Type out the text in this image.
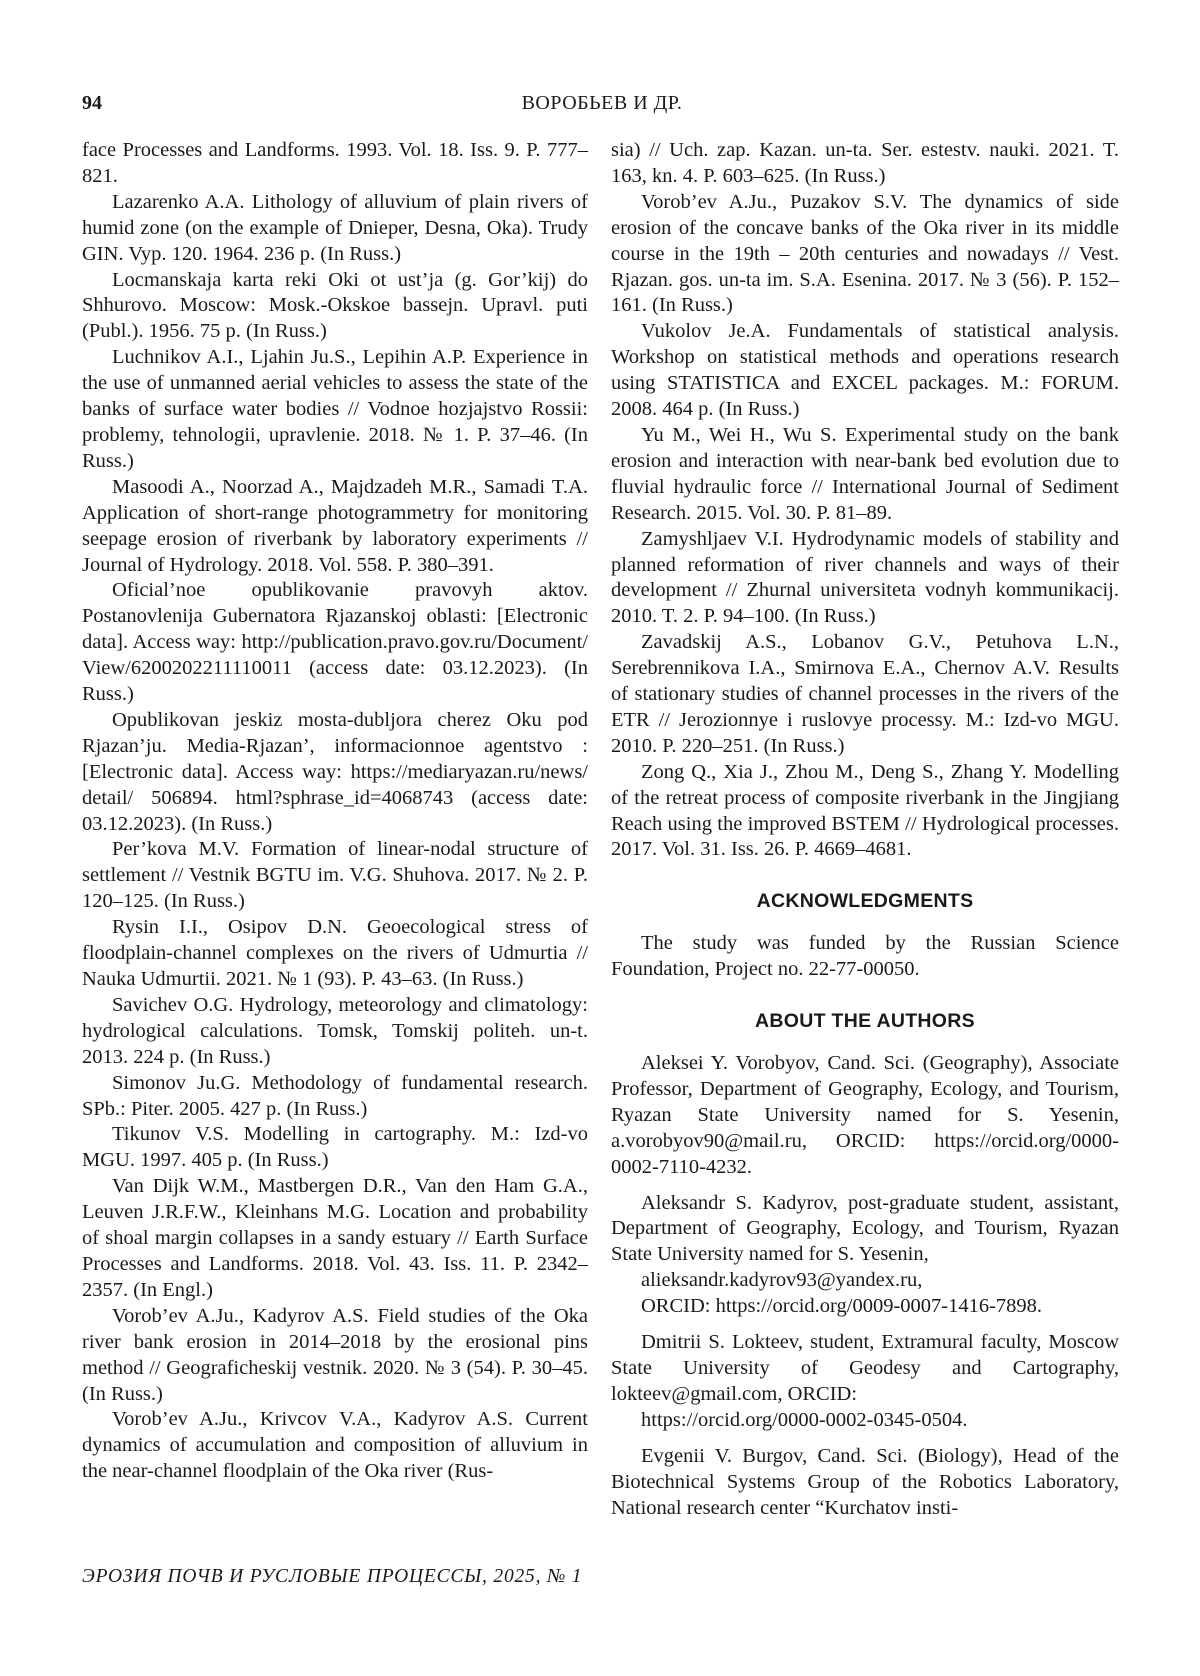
94	ВОРОБЬЕВ И ДР.

face Processes and Landforms. 1993. Vol. 18. Iss. 9. P. 777–821.

Lazarenko A.A. Lithology of alluvium of plain rivers of humid zone (on the example of Dnieper, Desna, Oka). Trudy GIN. Vyp. 120. 1964. 236 p. (In Russ.)

Locmanskaja karta reki Oki ot ust’ja (g. Gor’kij) do Shhurovo. Moscow: Mosk.-Okskoe bassejn. Upravl. puti (Publ.). 1956. 75 p. (In Russ.)

Luchnikov A.I., Ljahin Ju.S., Lepihin A.P. Experience in the use of unmanned aerial vehicles to assess the state of the banks of surface water bodies // Vodnoe hozjajstvo Rossii: problemy, tehnologii, upravlenie. 2018. № 1. P. 37–46. (In Russ.)

Masoodi A., Noorzad A., Majdzadeh M.R., Samadi T.A. Application of short-range photogrammetry for monitoring seepage erosion of riverbank by laboratory experiments // Journal of Hydrology. 2018. Vol. 558. P. 380–391.

Oficial’noe opublikovanie pravovyh aktov. Postanovlenija Gubernatora Rjazanskoj oblasti: [Electronic data]. Access way: http://publication.pravo.gov.ru/Document/ View/6200202211110011 (access date: 03.12.2023). (In Russ.)

Opublikovan jeskiz mosta-dubljora cherez Oku pod Rjazan’ju. Media-Rjazan’, informacionnoe agentstvo : [Electronic data]. Access way: https://mediaryazan.ru/news/ detail/ 506894. html?sphrase_id=4068743 (access date: 03.12.2023). (In Russ.)

Per’kova M.V. Formation of linear-nodal structure of settlement // Vestnik BGTU im. V.G. Shuhova. 2017. № 2. P. 120–125. (In Russ.)

Rysin I.I., Osipov D.N. Geoecological stress of floodplain-channel complexes on the rivers of Udmurtia // Nauka Udmurtii. 2021. № 1 (93). P. 43–63. (In Russ.)

Savichev O.G. Hydrology, meteorology and climatology: hydrological calculations. Tomsk, Tomskij politeh. un-t. 2013. 224 p. (In Russ.)

Simonov Ju.G. Methodology of fundamental research. SPb.: Piter. 2005. 427 p. (In Russ.)

Tikunov V.S. Modelling in cartography. M.: Izd-vo MGU. 1997. 405 p. (In Russ.)

Van Dijk W.M., Mastbergen D.R., Van den Ham G.A., Leuven J.R.F.W., Kleinhans M.G. Location and probability of shoal margin collapses in a sandy estuary // Earth Surface Processes and Landforms. 2018. Vol. 43. Iss. 11. P. 2342–2357. (In Engl.)

Vorob’ev A.Ju., Kadyrov A.S. Field studies of the Oka river bank erosion in 2014–2018 by the erosional pins method // Geograficheskij vestnik. 2020. № 3 (54). P. 30–45. (In Russ.)

Vorob’ev A.Ju., Krivcov V.A., Kadyrov A.S. Current dynamics of accumulation and composition of alluvium in the near-channel floodplain of the Oka river (Rus-

sia) // Uch. zap. Kazan. un-ta. Ser. estestv. nauki. 2021. T. 163, kn. 4. P. 603–625. (In Russ.)

Vorob’ev A.Ju., Puzakov S.V. The dynamics of side erosion of the concave banks of the Oka river in its middle course in the 19th – 20th centuries and nowadays // Vest. Rjazan. gos. un-ta im. S.A. Esenina. 2017. № 3 (56). P. 152–161. (In Russ.)

Vukolov Je.A. Fundamentals of statistical analysis. Workshop on statistical methods and operations research using STATISTICA and EXCEL packages. M.: FORUM. 2008. 464 p. (In Russ.)

Yu M., Wei H., Wu S. Experimental study on the bank erosion and interaction with near-bank bed evolution due to fluvial hydraulic force // International Journal of Sediment Research. 2015. Vol. 30. P. 81–89.

Zamyshljaev V.I. Hydrodynamic models of stability and planned reformation of river channels and ways of their development // Zhurnal universiteta vodnyh kommunikacij. 2010. T. 2. P. 94–100. (In Russ.)

Zavadskij A.S., Lobanov G.V., Petuhova L.N., Serebrennikova I.A., Smirnova E.A., Chernov A.V. Results of stationary studies of channel processes in the rivers of the ETR // Jerozionnye i ruslovye processy. M.: Izd-vo MGU. 2010. P. 220–251. (In Russ.)

Zong Q., Xia J., Zhou M., Deng S., Zhang Y. Modelling of the retreat process of composite riverbank in the Jingjiang Reach using the improved BSTEM // Hydrological processes. 2017. Vol. 31. Iss. 26. P. 4669–4681.

ACKNOWLEDGMENTS

The study was funded by the Russian Science Foundation, Project no. 22-77-00050.

ABOUT THE AUTHORS

Aleksei Y. Vorobyov, Cand. Sci. (Geography), Associate Professor, Department of Geography, Ecology, and Tourism, Ryazan State University named for S. Yesenin, a.vorobyov90@mail.ru, ORCID: https://orcid.org/0000-0002-7110-4232.

Aleksandr S. Kadyrov, post-graduate student, assistant, Department of Geography, Ecology, and Tourism, Ryazan State University named for S. Yesenin,
alieksandr.kadyrov93@yandex.ru,
ORCID: https://orcid.org/0009-0007-1416-7898.

Dmitrii S. Lokteev, student, Extramural faculty, Moscow State University of Geodesy and Cartography, lokteev@gmail.com, ORCID:
https://orcid.org/0000-0002-0345-0504.

Evgenii V. Burgov, Cand. Sci. (Biology), Head of the Biotechnical Systems Group of the Robotics Laboratory, National research center “Kurchatov insti-

ЭРОЗИЯ ПОЧВ И РУСЛОВЫЕ ПРОЦЕССЫ, 2025, № 1
